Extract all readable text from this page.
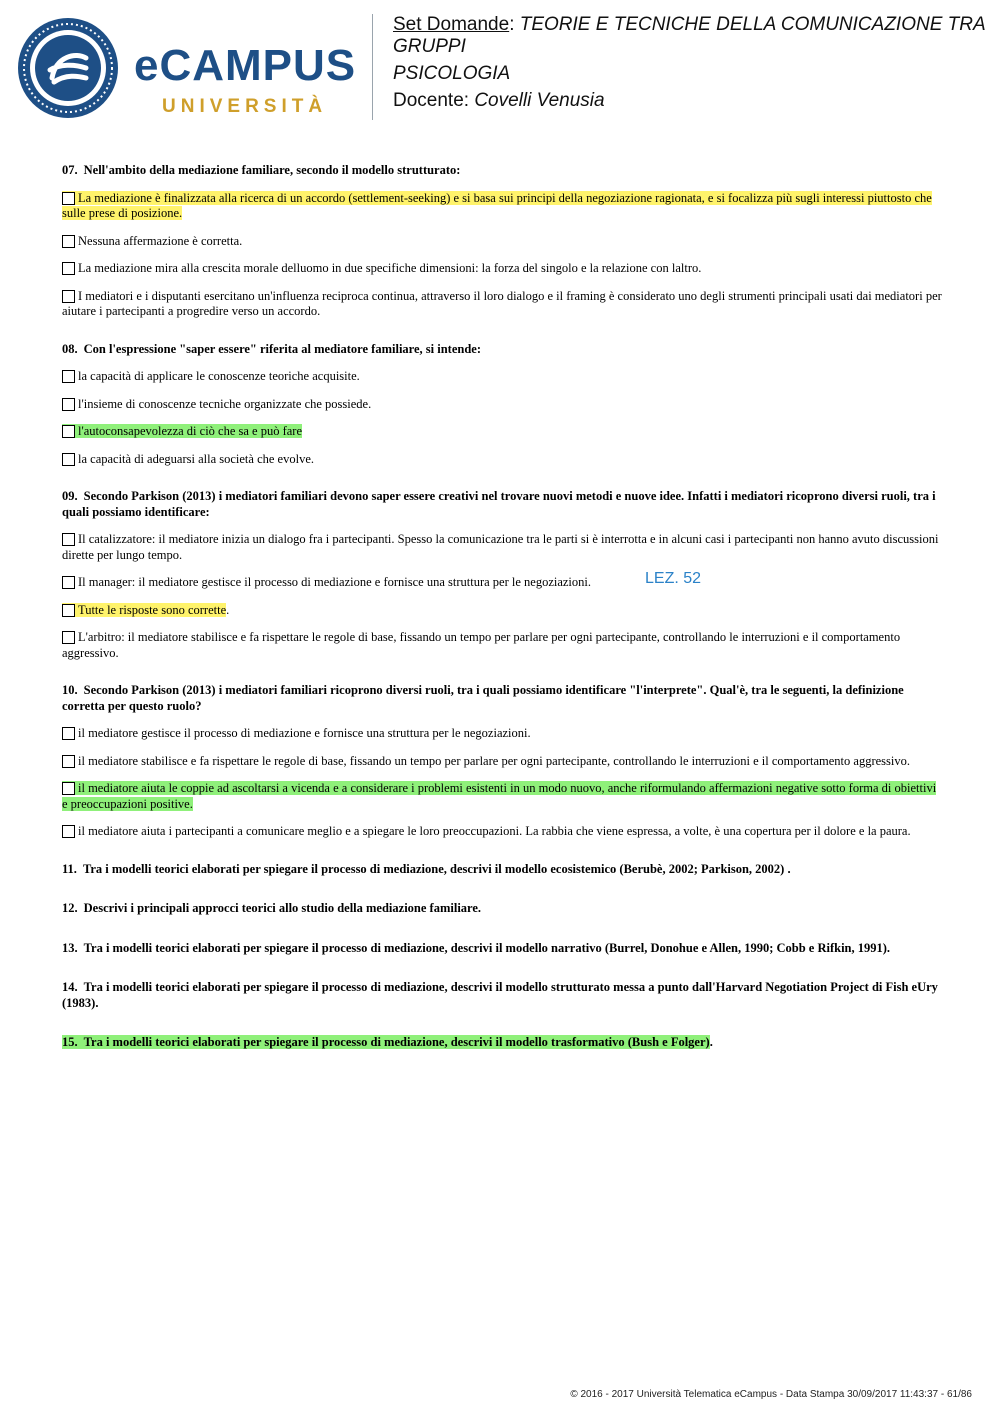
eCAMPUS
UNIVERSITÀ

Set Domande: TEORIE E TECNICHE DELLA COMUNICAZIONE TRA GRUPPI

PSICOLOGIA

Docente: Covelli Venusia

07. Nell'ambito della mediazione familiare, secondo il modello strutturato:

La mediazione è finalizzata alla ricerca di un accordo (settlement-seeking) e si basa sui principi della negoziazione ragionata, e si focalizza più sugli interessi piuttosto che sulle prese di posizione.

Nessuna affermazione è corretta.

La mediazione mira alla crescita morale delluomo in due specifiche dimensioni: la forza del singolo e la relazione con laltro.

I mediatori e i disputanti esercitano un'influenza reciproca continua, attraverso il loro dialogo e il framing è considerato uno degli strumenti principali usati dai mediatori per aiutare i partecipanti a progredire verso un accordo.

08. Con l'espressione "saper essere" riferita al mediatore familiare, si intende:

la capacità di applicare le conoscenze teoriche acquisite.

l'insieme di conoscenze tecniche organizzate che possiede.

l'autoconsapevolezza di ciò che sa e può fare

la capacità di adeguarsi alla società che evolve.

09. Secondo Parkison (2013) i mediatori familiari devono saper essere creativi nel trovare nuovi metodi e nuove idee. Infatti i mediatori ricoprono diversi ruoli, tra i quali possiamo identificare:

Il catalizzatore: il mediatore inizia un dialogo fra i partecipanti. Spesso la comunicazione tra le parti si è interrotta e in alcuni casi i partecipanti non hanno avuto discussioni dirette per lungo tempo.

Il manager: il mediatore gestisce il processo di mediazione e fornisce una struttura per le negoziazioni.

Tutte le risposte sono corrette.

L'arbitro: il mediatore stabilisce e fa rispettare le regole di base, fissando un tempo per parlare per ogni partecipante, controllando le interruzioni e il comportamento aggressivo.

10. Secondo Parkison (2013) i mediatori familiari ricoprono diversi ruoli, tra i quali possiamo identificare "l'interprete". Qual'è, tra le seguenti, la definizione corretta per questo ruolo?

il mediatore gestisce il processo di mediazione e fornisce una struttura per le negoziazioni.

il mediatore stabilisce e fa rispettare le regole di base, fissando un tempo per parlare per ogni partecipante, controllando le interruzioni e il comportamento aggressivo.

il mediatore aiuta le coppie ad ascoltarsi a vicenda e a considerare i problemi esistenti in un modo nuovo, anche riformulando affermazioni negative sotto forma di obiettivi e preoccupazioni positive.

il mediatore aiuta i partecipanti a comunicare meglio e a spiegare le loro preoccupazioni. La rabbia che viene espressa, a volte, è una copertura per il dolore e la paura.

11. Tra i modelli teorici elaborati per spiegare il processo di mediazione, descrivi il modello ecosistemico (Berubè, 2002; Parkison, 2002) .

12. Descrivi i principali approcci teorici allo studio della mediazione familiare.

13. Tra i modelli teorici elaborati per spiegare il processo di mediazione, descrivi il modello narrativo (Burrel, Donohue e Allen, 1990; Cobb e Rifkin, 1991).

14. Tra i modelli teorici elaborati per spiegare il processo di mediazione, descrivi il modello strutturato messa a punto dall'Harvard Negotiation Project di Fish eUry (1983).

15. Tra i modelli teorici elaborati per spiegare il processo di mediazione, descrivi il modello trasformativo (Bush e Folger).

LEZ. 52
© 2016 - 2017 Università Telematica eCampus - Data Stampa 30/09/2017 11:43:37 - 61/86
